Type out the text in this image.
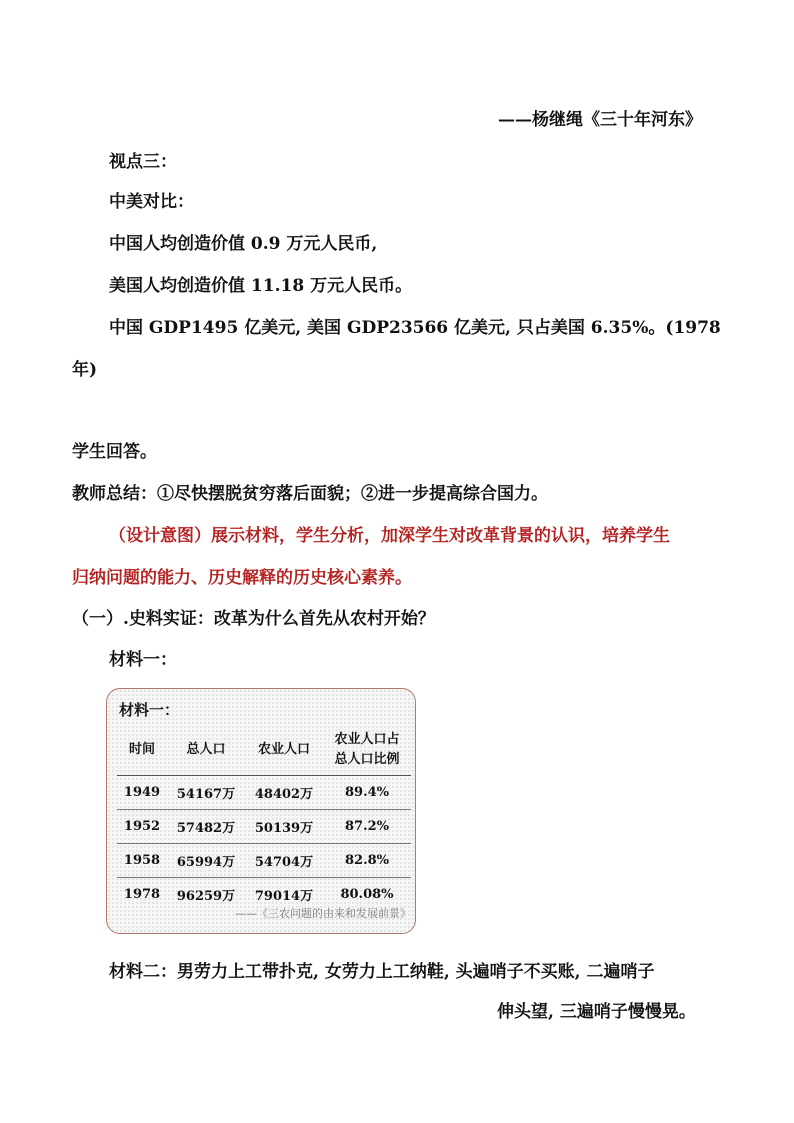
——杨继绳《三十年河东》
视点三：
中美对比：
中国人均创造价值 0.9 万元人民币,
美国人均创造价值 11.18 万元人民币。
中国 GDP1495 亿美元, 美国 GDP23566 亿美元, 只占美国 6.35%。(1978
年)
学生回答。
教师总结：①尽快摆脱贫穷落后面貌；②进一步提高综合国力。
（设计意图）展示材料，学生分析，加深学生对改革背景的认识，培养学生
归纳问题的能力、历史解释的历史核心素养。
（一）.史料实证：改革为什么首先从农村开始？
材料一：
材料一：
时间	总人口	农业人口	农业人口占
总人口比例
1949	54167万	48402万	89.4%
1952	57482万	50139万	87.2%
1958	65994万	54704万	82.8%
1978	96259万	79014万	80.08%
——《三农问题的由来和发展前景》
材料二：男劳力上工带扑克, 女劳力上工纳鞋, 头遍哨子不买账, 二遍哨子
伸头望, 三遍哨子慢慢晃。
